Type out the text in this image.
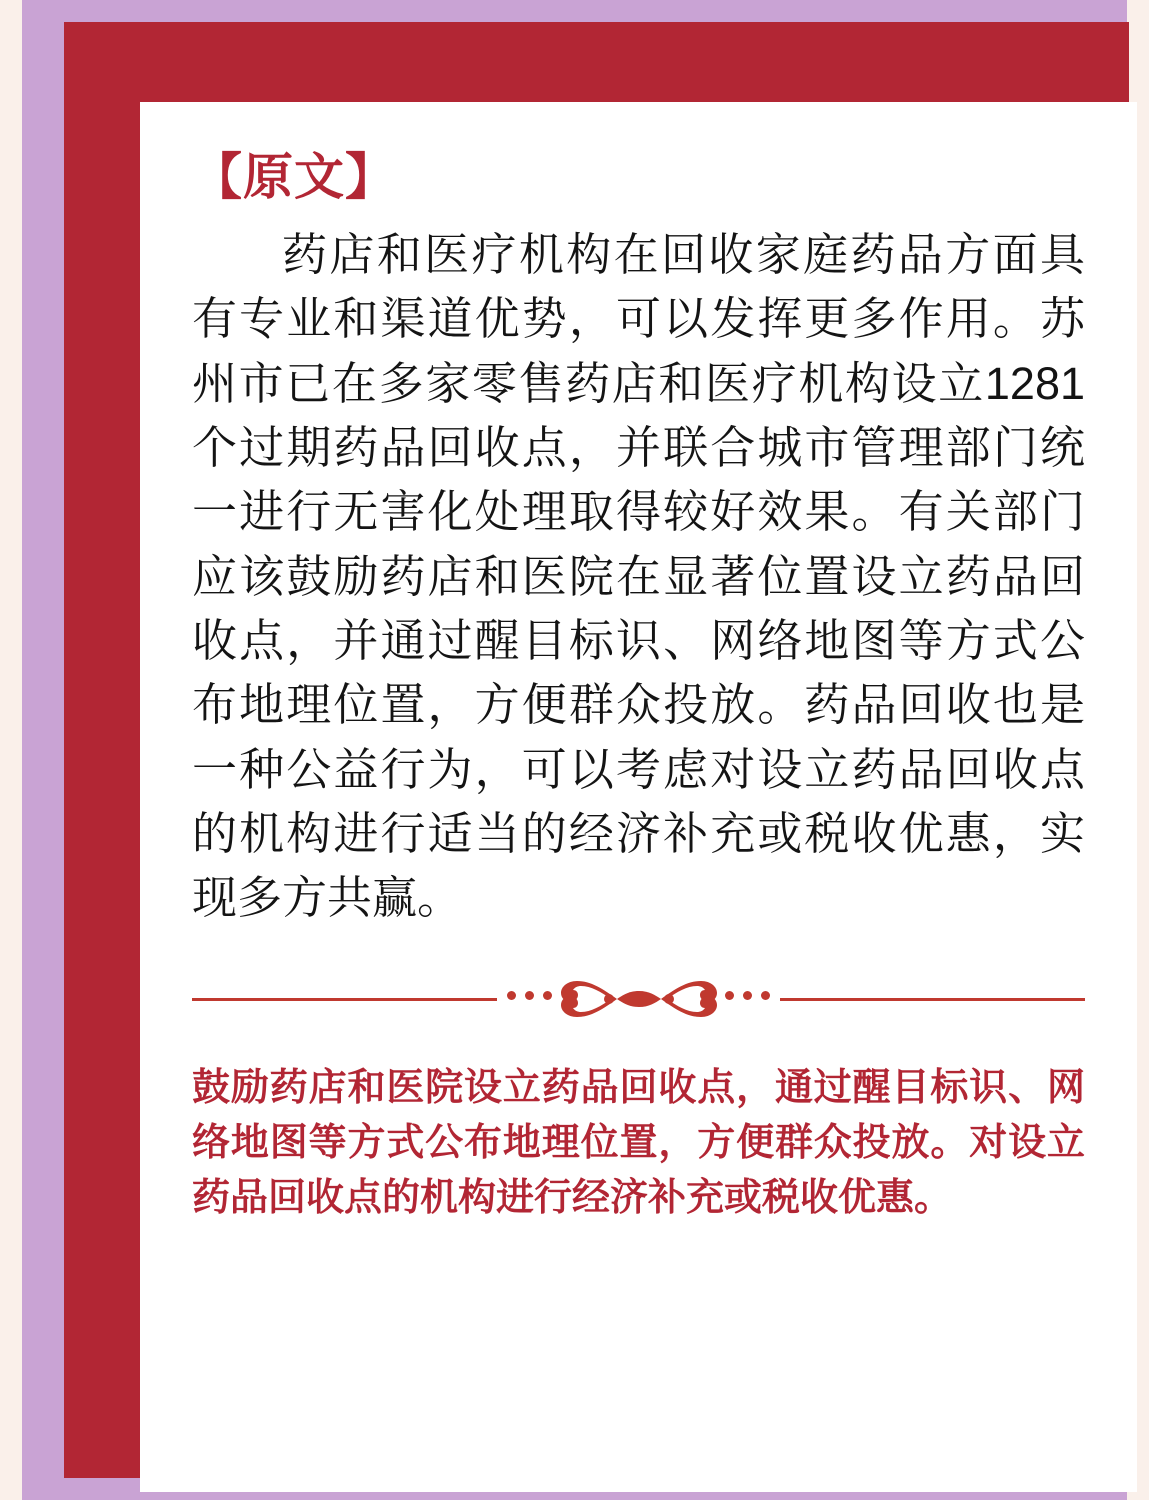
【原文】

药店和医疗机构在回收家庭药品方面具有专业和渠道优势，可以发挥更多作用。苏州市已在多家零售药店和医疗机构设立1281个过期药品回收点，并联合城市管理部门统一进行无害化处理取得较好效果。有关部门应该鼓励药店和医院在显著位置设立药品回收点，并通过醒目标识、网络地图等方式公布地理位置，方便群众投放。药品回收也是一种公益行为，可以考虑对设立药品回收点的机构进行适当的经济补充或税收优惠，实现多方共赢。

鼓励药店和医院设立药品回收点，通过醒目标识、网络地图等方式公布地理位置，方便群众投放。对设立药品回收点的机构进行经济补充或税收优惠。
